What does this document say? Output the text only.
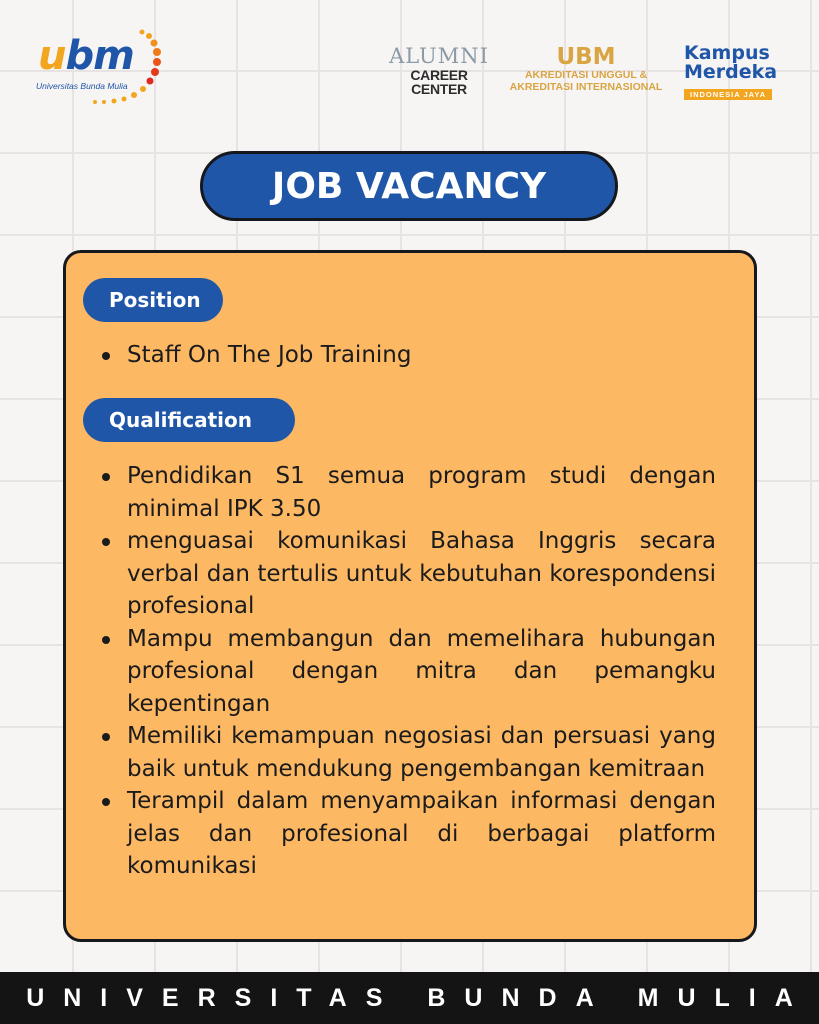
ubm
Universitas Bunda Mulia
ALUMNI
CAREER CENTER
UBM
AKREDITASI UNGGUL &
AKREDITASI INTERNASIONAL
Kampus
Merdeka
INDONESIA JAYA
JOB VACANCY
Position
Staff On The Job Training
Qualification
Pendidikan S1 semua program studi dengan minimal IPK 3.50
menguasai komunikasi Bahasa Inggris secara verbal dan tertulis untuk kebutuhan korespondensi profesional
Mampu membangun dan memelihara hubungan profesional dengan mitra dan pemangku kepentingan
Memiliki kemampuan negosiasi dan persuasi yang baik untuk mendukung pengembangan kemitraan
Terampil dalam menyampaikan informasi dengan jelas dan profesional di berbagai platform komunikasi
UNIVERSITAS BUNDA MULIA
